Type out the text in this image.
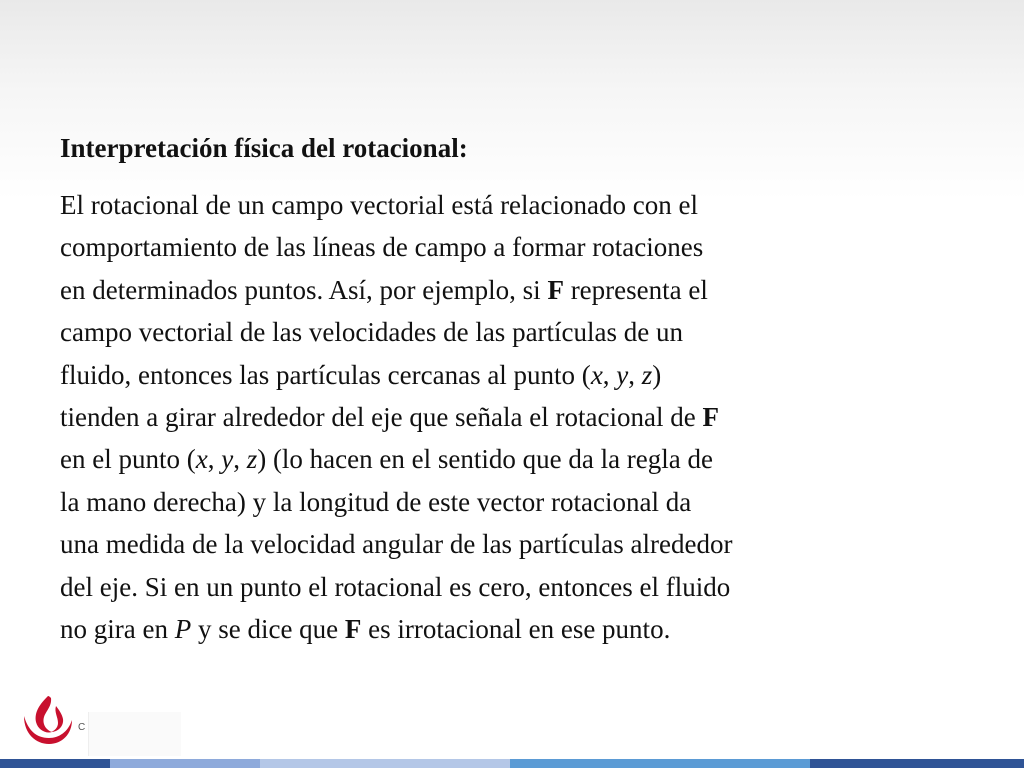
Interpretación física del rotacional:
El rotacional de un campo vectorial está relacionado con el
comportamiento de las líneas de campo a formar rotaciones
en determinados puntos. Así, por ejemplo, si F representa el
campo vectorial de las velocidades de las partículas de un
fluido, entonces las partículas cercanas al punto (x, y, z)
tienden a girar alrededor del eje que señala el rotacional de F
en el punto (x, y, z) (lo hacen en el sentido que da la regla de
la mano derecha) y la longitud de este vector rotacional da
una medida de la velocidad angular de las partículas alrededor
del eje. Si en un punto el rotacional es cero, entonces el fluido
no gira en P y se dice que F es irrotacional en ese punto.
C
